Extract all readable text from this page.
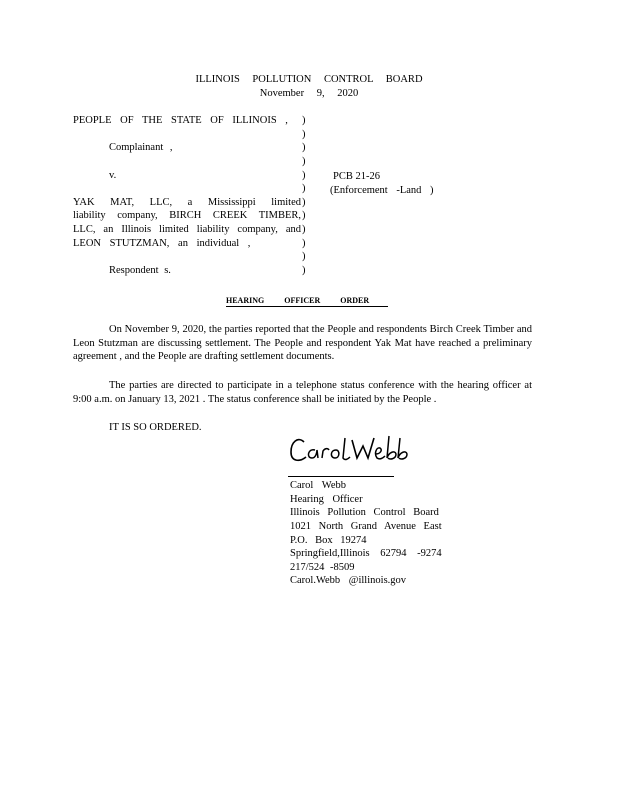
ILLINOIS POLLUTION CONTROL BOARD
November 9, 2020
PEOPLE OF THE STATE OF ILLINOIS ,

Complainant ,

v.

YAK MAT, LLC, a Mississippi limited
liability company, BIRCH CREEK TIMBER,
LLC, an Illinois limited liability company, and
LEON STUTZMAN, an individual ,

Respondent s.
)
)
)
)
)
)
)
)
)
)
)
)
PCB 21-26
(Enforcement -Land )
HEARING OFFICER ORDER
On November 9, 2020, the parties reported that the People and respondents Birch Creek Timber and Leon Stutzman are discussing settlement. The People and respondent Yak Mat have reached a preliminary agreement , and the People are drafting settlement documents.
The parties are directed to participate in a telephone status conference with the hearing officer at 9:00 a.m. on January 13, 2021 . The status conference shall be initiated by the People .
IT IS SO ORDERED.
Carol Webb
Hearing Officer
Illinois Pollution Control Board
1021 North Grand Avenue East
P.O. Box 19274
Springfield,Illinois 62794 -9274
217/524 -8509
Carol.Webb @illinois.gov
